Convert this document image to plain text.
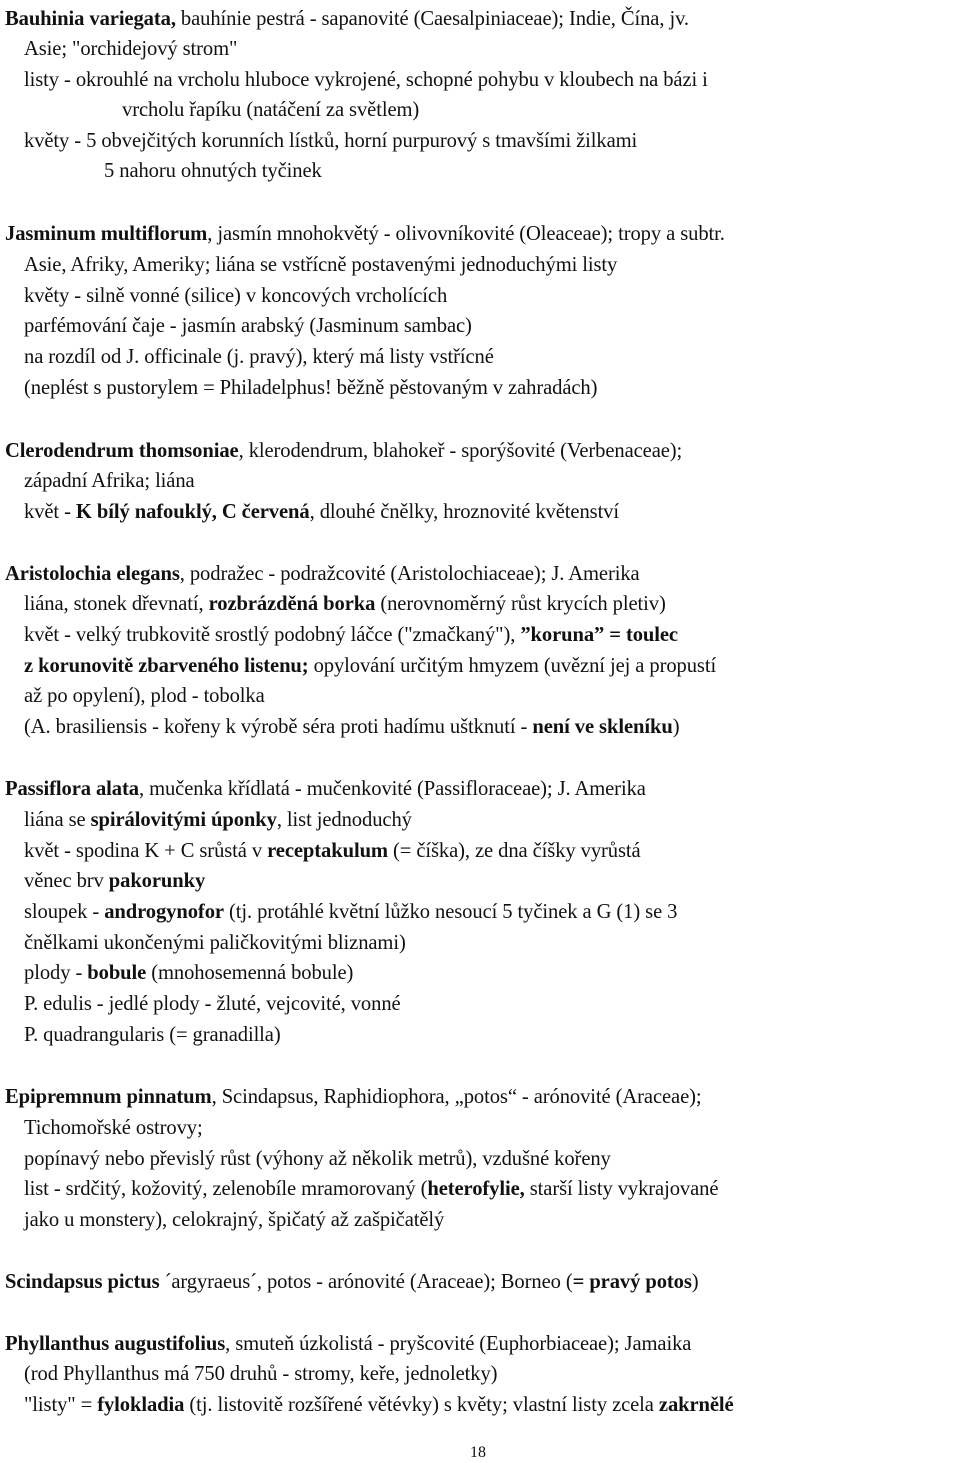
Bauhinia variegata, bauhínie pestrá - sapanovité (Caesalpiniaceae); Indie, Čína, jv.
Asie; "orchidejový strom"
listy - okrouhlé na vrcholu hluboce vykrojené, schopné pohybu v kloubech na bázi i
vrcholu řapíku (natáčení za světlem)
květy - 5 obvejčitých korunních lístků, horní purpurový s tmavšími žilkami
5 nahoru ohnutých tyčinek
Jasminum multiflorum, jasmín mnohokvětý - olivovníkovité (Oleaceae); tropy a subtr.
Asie, Afriky, Ameriky; liána se vstřícně postavenými jednoduchými listy
květy - silně vonné (silice) v koncových vrcholících
parfémování čaje - jasmín arabský (Jasminum sambac)
na rozdíl od J. officinale (j. pravý), který má listy vstřícné
(neplést s pustorylem = Philadelphus! běžně pěstovaným v zahradách)
Clerodendrum thomsoniae, klerodendrum, blahokeř - sporýšovité (Verbenaceae);
západní Afrika; liána
květ - K bílý nafouklý, C červená, dlouhé čnělky, hroznovité květenství
Aristolochia elegans, podražec - podražcovité (Aristolochiaceae); J. Amerika
liána, stonek dřevnatí, rozbrázděná borka (nerovnoměrný růst krycích pletiv)
květ - velký trubkovitě srostlý podobný láčce ("zmačkaný"), ”koruna” = toulec
z korunovitě zbarveného listenu; opylování určitým hmyzem (uvězní jej a propustí
až po opylení), plod - tobolka
(A. brasiliensis - kořeny k výrobě séra proti hadímu uštknutí - není ve skleníku)
Passiflora alata, mučenka křídlatá - mučenkovité (Passifloraceae); J. Amerika
liána se spirálovitými úponky, list jednoduchý
květ - spodina K + C srůstá v receptakulum (= číška), ze dna číšky vyrůstá
věnec brv pakorunky
sloupek - androgynofor (tj. protáhlé květní lůžko nesoucí 5 tyčinek a G (1) se 3
čnělkami ukončenými paličkovitými bliznami)
plody - bobule (mnohosemenná bobule)
P. edulis - jedlé plody - žluté, vejcovité, vonné
P. quadrangularis (= granadilla)
Epipremnum pinnatum, Scindapsus, Raphidiophora, „potos“ - arónovité (Araceae);
Tichomořské ostrovy;
popínavý nebo převislý růst (výhony až několik metrů), vzdušné kořeny
list - srdčitý, kožovitý, zelenobíle mramorovaný (heterofylie, starší listy vykrajované
jako u monstery), celokrajný, špičatý až zašpičatělý
Scindapsus pictus ´argyraeus´, potos - arónovité (Araceae); Borneo (= pravý potos)
Phyllanthus augustifolius, smuteň úzkolistá - pryšcovité (Euphorbiaceae); Jamaika
(rod Phyllanthus má 750 druhů - stromy, keře, jednoletky)
"listy" = fylokladia (tj. listovitě rozšířené větévky) s květy; vlastní listy zcela zakrnělé
18
